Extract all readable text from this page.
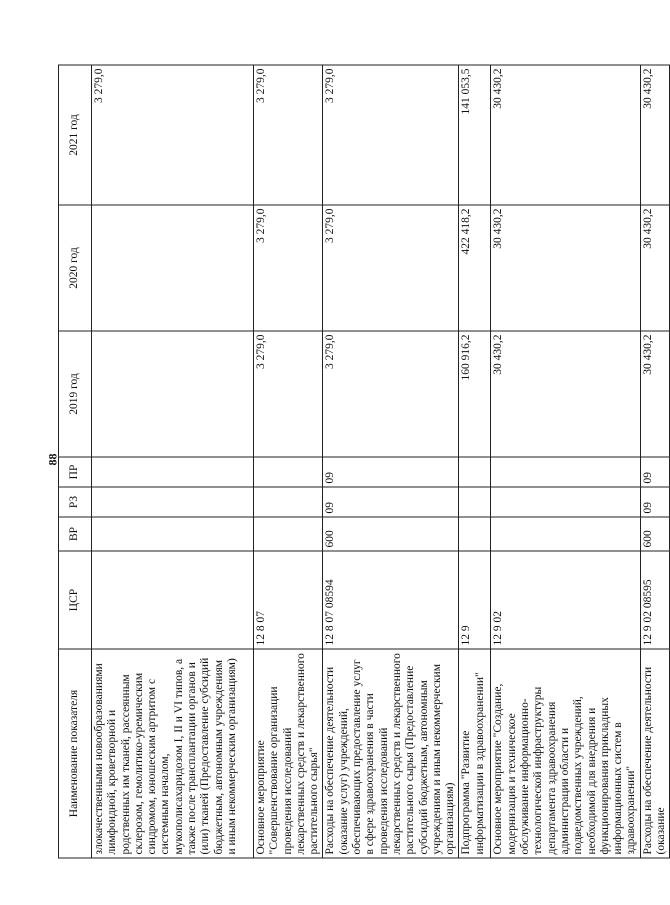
88
Наименование показателя	ЦСР	ВР	РЗ	ПР	2019 год	2020 год	2021 год
злокачественными новообразованиями лимфоидной, кроветворной и родственных им тканей, рассеянным склерозом, гемолитико-уремическим синдромом, юношеским артритом с системным началом, мукополисахаридозом I, II и VI типов, а также после трансплантации органов и (или) тканей (Предоставление субсидий бюджетным, автономным учреждениям и иным некоммерческим организациям)							3 279,0
Основное мероприятие "Совершенствование организации проведения исследований лекарственных средств и лекарственного растительного сырья"	12 8 07				3 279,0	3 279,0	3 279,0
Расходы на обеспечение деятельности (оказание услуг) учреждений, обеспечивающих предоставление услуг в сфере здравоохранения в части проведения исследований лекарственных средств и лекарственного растительного сырья (Предоставление субсидий бюджетным, автономным учреждениям и иным некоммерческим организациям)	12 8 07 08594	600	09	09	3 279,0	3 279,0	3 279,0
Подпрограмма "Развитие информатизации в здравоохранении"	12 9				160 916,2	422 418,2	141 053,5
Основное мероприятие "Создание, модернизация и техническое обслуживание информационно-технологической инфраструктуры департамента здравоохранения администрации области и подведомственных учреждений, необходимой для внедрения и функционирования прикладных информационных систем в здравоохранении"	12 9 02				30 430,2	30 430,2	30 430,2
Расходы на обеспечение деятельности (оказание	12 9 02 08595	600	09	09	30 430,2	30 430,2	30 430,2
